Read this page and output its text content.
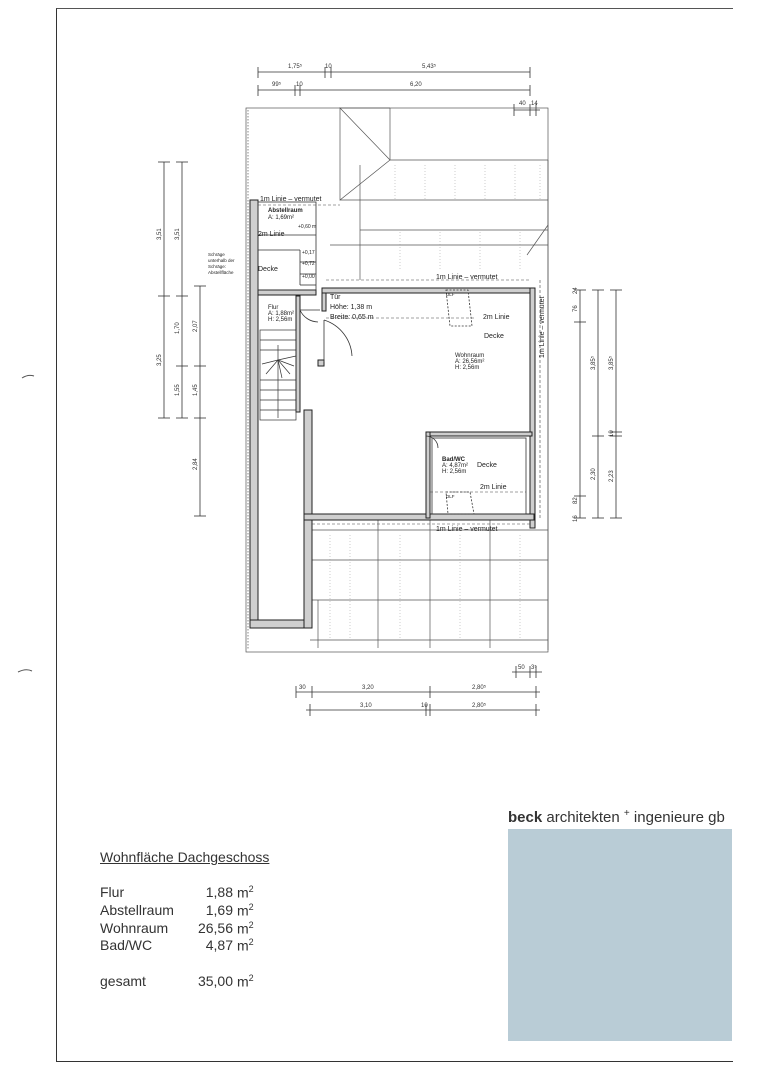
1,75⁵	10	5,43⁵
99⁵ 10	6,20
40 14
3,51 3,51
3,25
1,70 2,07
1,55 1,45
2,84
76
24
3,85⁵ 3,85⁵
10
2,30 2,23
16
82
30	3,20	2,80⁵
3,10	10	2,80⁵
50 3⁵
1m Linie – vermutet
Abstellraum
A: 1,69m²
+0,60 m
2m Linie
+0,17
+0,72
+0,00
Decke
Schräge
unterhalb der
Schräge:
Abstellfläche
1m Linie – vermutet
Flur
A: 1,88m²
H: 2,56m
Tür
Höhe: 1,38 m
Breite: 0,65 m
DLF
2m Linie
Decke	1m Linie – vermutet
Wohnraum
A: 26,56m²
H: 2,56m
Bad/WC
A: 4,87m²
H: 2,56m
Decke
2m Linie
DLF
1m Linie – vermutet
beck architekten + ingenieure gb
Wohnfläche Dachgeschoss
Flur	1,88 $m^2$
Abstellraum 1,69 $m^2$
Wohnraum 26,56 $m^2$
Bad/WC	4,87 $m^2$
gesamt	35,00 $m^2$
